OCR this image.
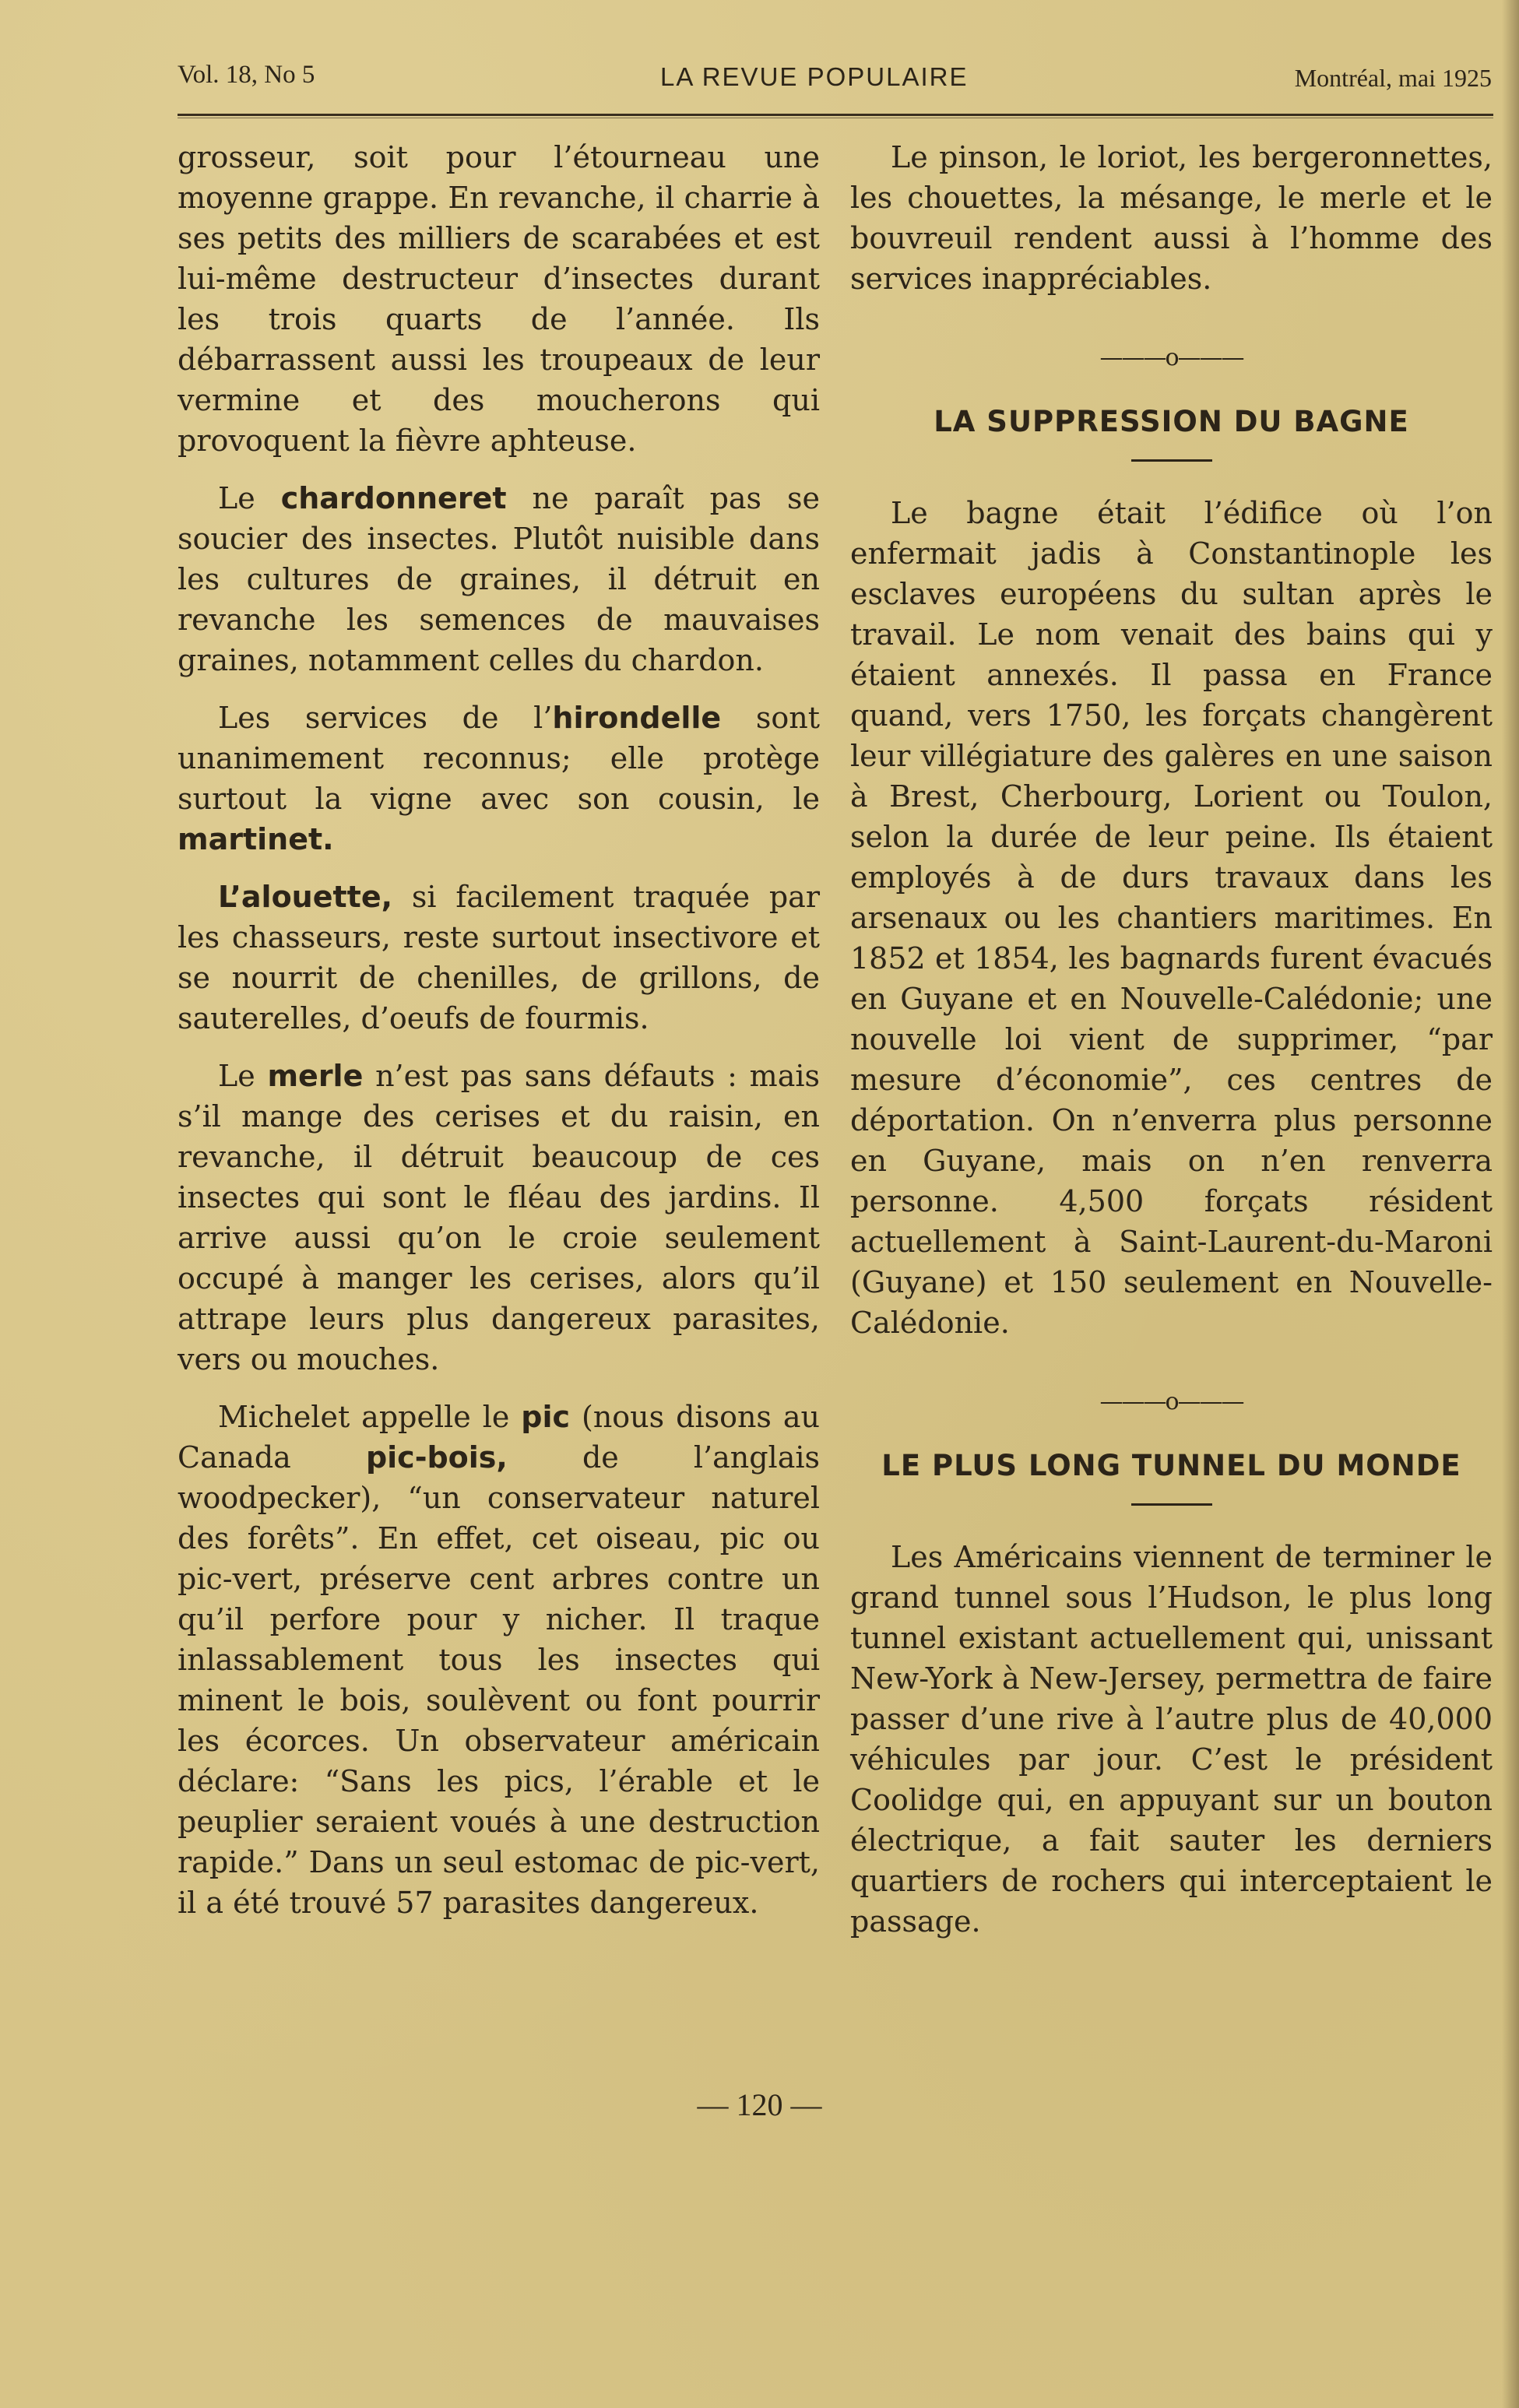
Vol. 18, No 5	LA REVUE POPULAIRE	Montréal, mai 1925

grosseur, soit pour l’étourneau une moyenne grappe. En revanche, il charrie à ses petits des milliers de scarabées et est lui-même destructeur d’insectes durant les trois quarts de l’année. Ils débarrassent aussi les troupeaux de leur vermine et des moucherons qui provoquent la fièvre aphteuse.

Le chardonneret ne paraît pas se soucier des insectes. Plutôt nuisible dans les cultures de graines, il détruit en revanche les semences de mauvaises graines, notamment celles du chardon.

Les services de l’hirondelle sont unanimement reconnus; elle protège surtout la vigne avec son cousin, le martinet.

L’alouette, si facilement traquée par les chasseurs, reste surtout insectivore et se nourrit de chenilles, de grillons, de sauterelles, d’oeufs de fourmis.

Le merle n’est pas sans défauts : mais s’il mange des cerises et du raisin, en revanche, il détruit beaucoup de ces insectes qui sont le fléau des jardins. Il arrive aussi qu’on le croie seulement occupé à manger les cerises, alors qu’il attrape leurs plus dangereux parasites, vers ou mouches.

Michelet appelle le pic (nous disons au Canada pic-bois, de l’anglais woodpecker), “un conservateur naturel des forêts”. En effet, cet oiseau, pic ou pic-vert, préserve cent arbres contre un qu’il perfore pour y nicher. Il traque inlassablement tous les insectes qui minent le bois, soulèvent ou font pourrir les écorces. Un observateur américain déclare: “Sans les pics, l’érable et le peuplier seraient voués à une destruction rapide.” Dans un seul estomac de pic-vert, il a été trouvé 57 parasites dangereux.

Le pinson, le loriot, les bergeronnettes, les chouettes, la mésange, le merle et le bouvreuil rendent aussi à l’homme des services inappréciables.

———o———
LA SUPPRESSION DU BAGNE

Le bagne était l’édifice où l’on enfermait jadis à Constantinople les esclaves européens du sultan après le travail. Le nom venait des bains qui y étaient annexés. Il passa en France quand, vers 1750, les forçats changèrent leur villégiature des galères en une saison à Brest, Cherbourg, Lorient ou Toulon, selon la durée de leur peine. Ils étaient employés à de durs travaux dans les arsenaux ou les chantiers maritimes. En 1852 et 1854, les bagnards furent évacués en Guyane et en Nouvelle-Calédonie; une nouvelle loi vient de supprimer, “par mesure d’économie”, ces centres de déportation. On n’enverra plus personne en Guyane, mais on n’en renverra personne. 4,500 forçats résident actuellement à Saint-Laurent-du-Maroni (Guyane) et 150 seulement en Nouvelle-Calédonie.

———o———
LE PLUS LONG TUNNEL DU MONDE

Les Américains viennent de terminer le grand tunnel sous l’Hudson, le plus long tunnel existant actuellement qui, unissant New-York à New-Jersey, permettra de faire passer d’une rive à l’autre plus de 40,000 véhicules par jour. C’est le président Coolidge qui, en appuyant sur un bouton électrique, a fait sauter les derniers quartiers de rochers qui interceptaient le passage.

— 120 —
